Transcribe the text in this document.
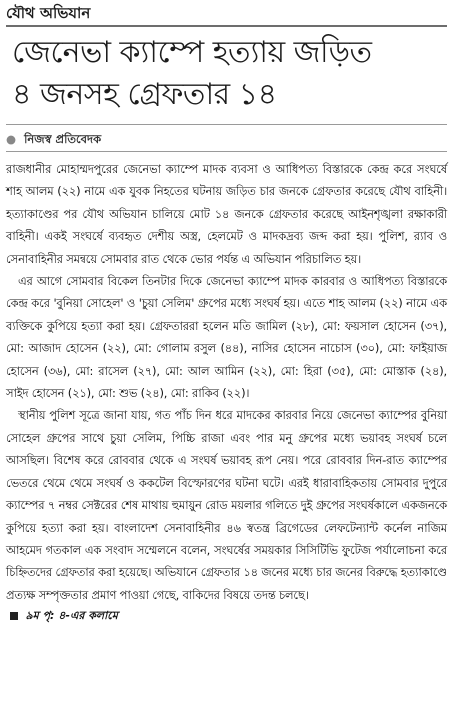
যৌথ অভিযান
জেনেভা ক্যাম্পে হত্যায় জড়িত
৪ জনসহ গ্রেফতার ১৪
● নিজস্ব প্রতিবেদক

রাজধানীর মোহাম্মদপুরের জেনেভা ক্যাম্পে মাদক ব্যবসা ও আধিপত্য বিস্তারকে কেন্দ্র করে সংঘর্ষে শাহ আলম (২২) নামে এক যুবক নিহতের ঘটনায় জড়িত চার জনকে গ্রেফতার করেছে যৌথ বাহিনী। হত্যাকাণ্ডের পর যৌথ অভিযান চালিয়ে মোট ১৪ জনকে গ্রেফতার করেছে আইনশৃঙ্খলা রক্ষাকারী বাহিনী। একই সংঘর্ষে ব্যবহৃত দেশীয় অস্ত্র, হেলমেট ও মাদকদ্রব্য জব্দ করা হয়। পুলিশ, র‍্যাব ও সেনাবাহিনীর সমন্বয়ে সোমবার রাত থেকে ভোর পর্যন্ত এ অভিযান পরিচালিত হয়।

এর আগে সোমবার বিকেল তিনটার দিকে জেনেভা ক্যাম্পে মাদক কারবার ও আধিপত্য বিস্তারকে কেন্দ্র করে 'বুনিয়া সোহেল' ও 'চুয়া সেলিম' গ্রুপের মধ্যে সংঘর্ষ হয়। এতে শাহ আলম (২২) নামে এক ব্যক্তিকে কুপিয়ে হত্যা করা হয়। গ্রেফতাররা হলেন মতি জামিল (২৮), মো: ফয়সাল হোসেন (৩৭), মো: আজাদ হোসেন (২২), মো: গোলাম রসুল (৪৪), নাসির হোসেন নাচোস (৩০), মো: ফাইয়াজ হোসেন (৩৬), মো: রাসেল (২৭), মো: আল আমিন (২২), মো: হিরা (৩৫), মো: মোস্তাক (২৪), সাইদ হোসেন (২১), মো: শুভ (২৪), মো: রাকিব (২২)।

স্থানীয় পুলিশ সূত্রে জানা যায়, গত পাঁচ দিন ধরে মাদকের কারবার নিয়ে জেনেভা ক্যাম্পের বুনিয়া সোহেল গ্রুপের সাথে চুয়া সেলিম, পিচ্চি রাজা এবং পার মনু গ্রুপের মধ্যে ভয়াবহ সংঘর্ষ চলে আসছিল। বিশেষ করে রোববার থেকে এ সংঘর্ষ ভয়াবহ রূপ নেয়। পরে রোববার দিন-রাত ক্যাম্পের ভেতরে থেমে থেমে সংঘর্ষ ও ককটেল বিস্ফোরণের ঘটনা ঘটে। এরই ধারাবাহিকতায় সোমবার দুপুরে ক্যাম্পের ৭ নম্বর সেক্টরের শেষ মাথায় হুমায়ুন রোড ময়লার গলিতে দুই গ্রুপের সংঘর্ষকালে একজনকে কুপিয়ে হত্যা করা হয়। বাংলাদেশ সেনাবাহিনীর ৪৬ স্বতন্ত্র ব্রিগেডের লেফটেন্যান্ট কর্নেল নাজিম আহমেদ গতকাল এক সংবাদ সম্মেলনে বলেন, সংঘর্ষের সময়কার সিসিটিভি ফুটেজ পর্যালোচনা করে চিহ্নিতদের গ্রেফতার করা হয়েছে। অভিযানে গ্রেফতার ১৪ জনের মধ্যে চার জনের বিরুদ্ধে হত্যাকাণ্ডে প্রত্যক্ষ সম্পৃক্ততার প্রমাণ পাওয়া গেছে, বাকিদের বিষয়ে তদন্ত চলছে।

৯ম পৃ: ৪-এর কলামে
